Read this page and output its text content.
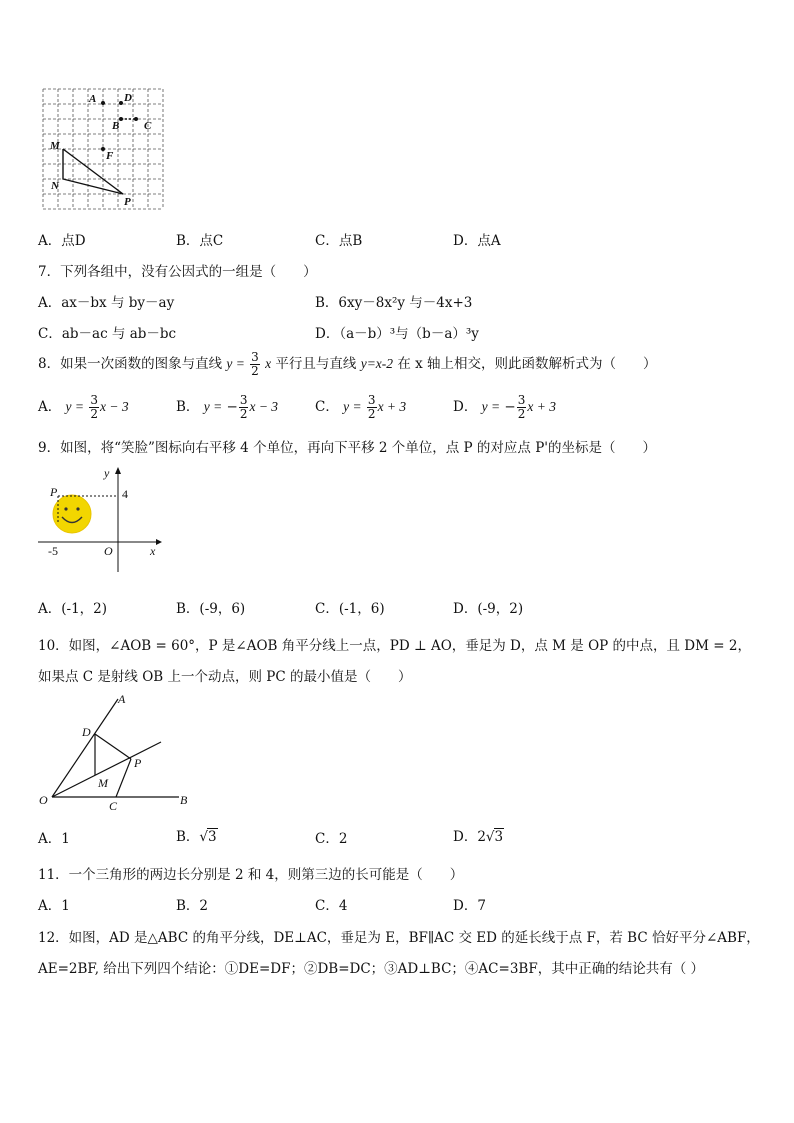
A	D
B C
F
M
N
P
A．点D	B．点C	C．点B	D．点A
7．下列各组中，没有公因式的一组是（　　）
A．ax－bx 与 by－ay	B．6xy－8x²y 与－4x+3
C．ab－ac 与 ab－bc	D．（a－b）³与（b－a）³y
8．如果一次函数的图象与直线 $y = \frac{3}{2}$ x 平行且与直线 y=x-2 在 x 轴上相交，则此函数解析式为（　　）
A． $y = \frac{3}{2}$ x − 3	B． y = − $\frac{3}{2}$ x − 3	C． $y = \frac{3}{2}$ x + 3	D． y = − $\frac{3}{2}$ x + 3
9．如图，将“笑脸”图标向右平移 4 个单位，再向下平移 2 个单位，点 P 的对应点 P'的坐标是（　　）
y
x
O
P	4
-5
A．(-1，2)	B．(-9，6)	C．(-1，6)	D．(-9，2)
10．如图，∠AOB = 60°，P 是∠AOB 角平分线上一点，PD ⊥ AO，垂足为 D，点 M 是 OP 的中点，且 DM = 2，
如果点 C 是射线 OB 上一个动点，则 PC 的最小值是（　　）
A
B
C
D
M
O
P
A．1	B．√3	C．2	D．2√3
11．一个三角形的两边长分别是 2 和 4，则第三边的长可能是（　　）
A．1	B．2	C．4	D．7
12．如图，AD 是△ABC 的角平分线，DE⊥AC，垂足为 E，BF∥AC 交 ED 的延长线于点 F，若 BC 恰好平分∠ABF，
AE=2BF, 给出下列四个结论：①DE=DF；②DB=DC；③AD⊥BC；④AC=3BF，其中正确的结论共有（ ）
